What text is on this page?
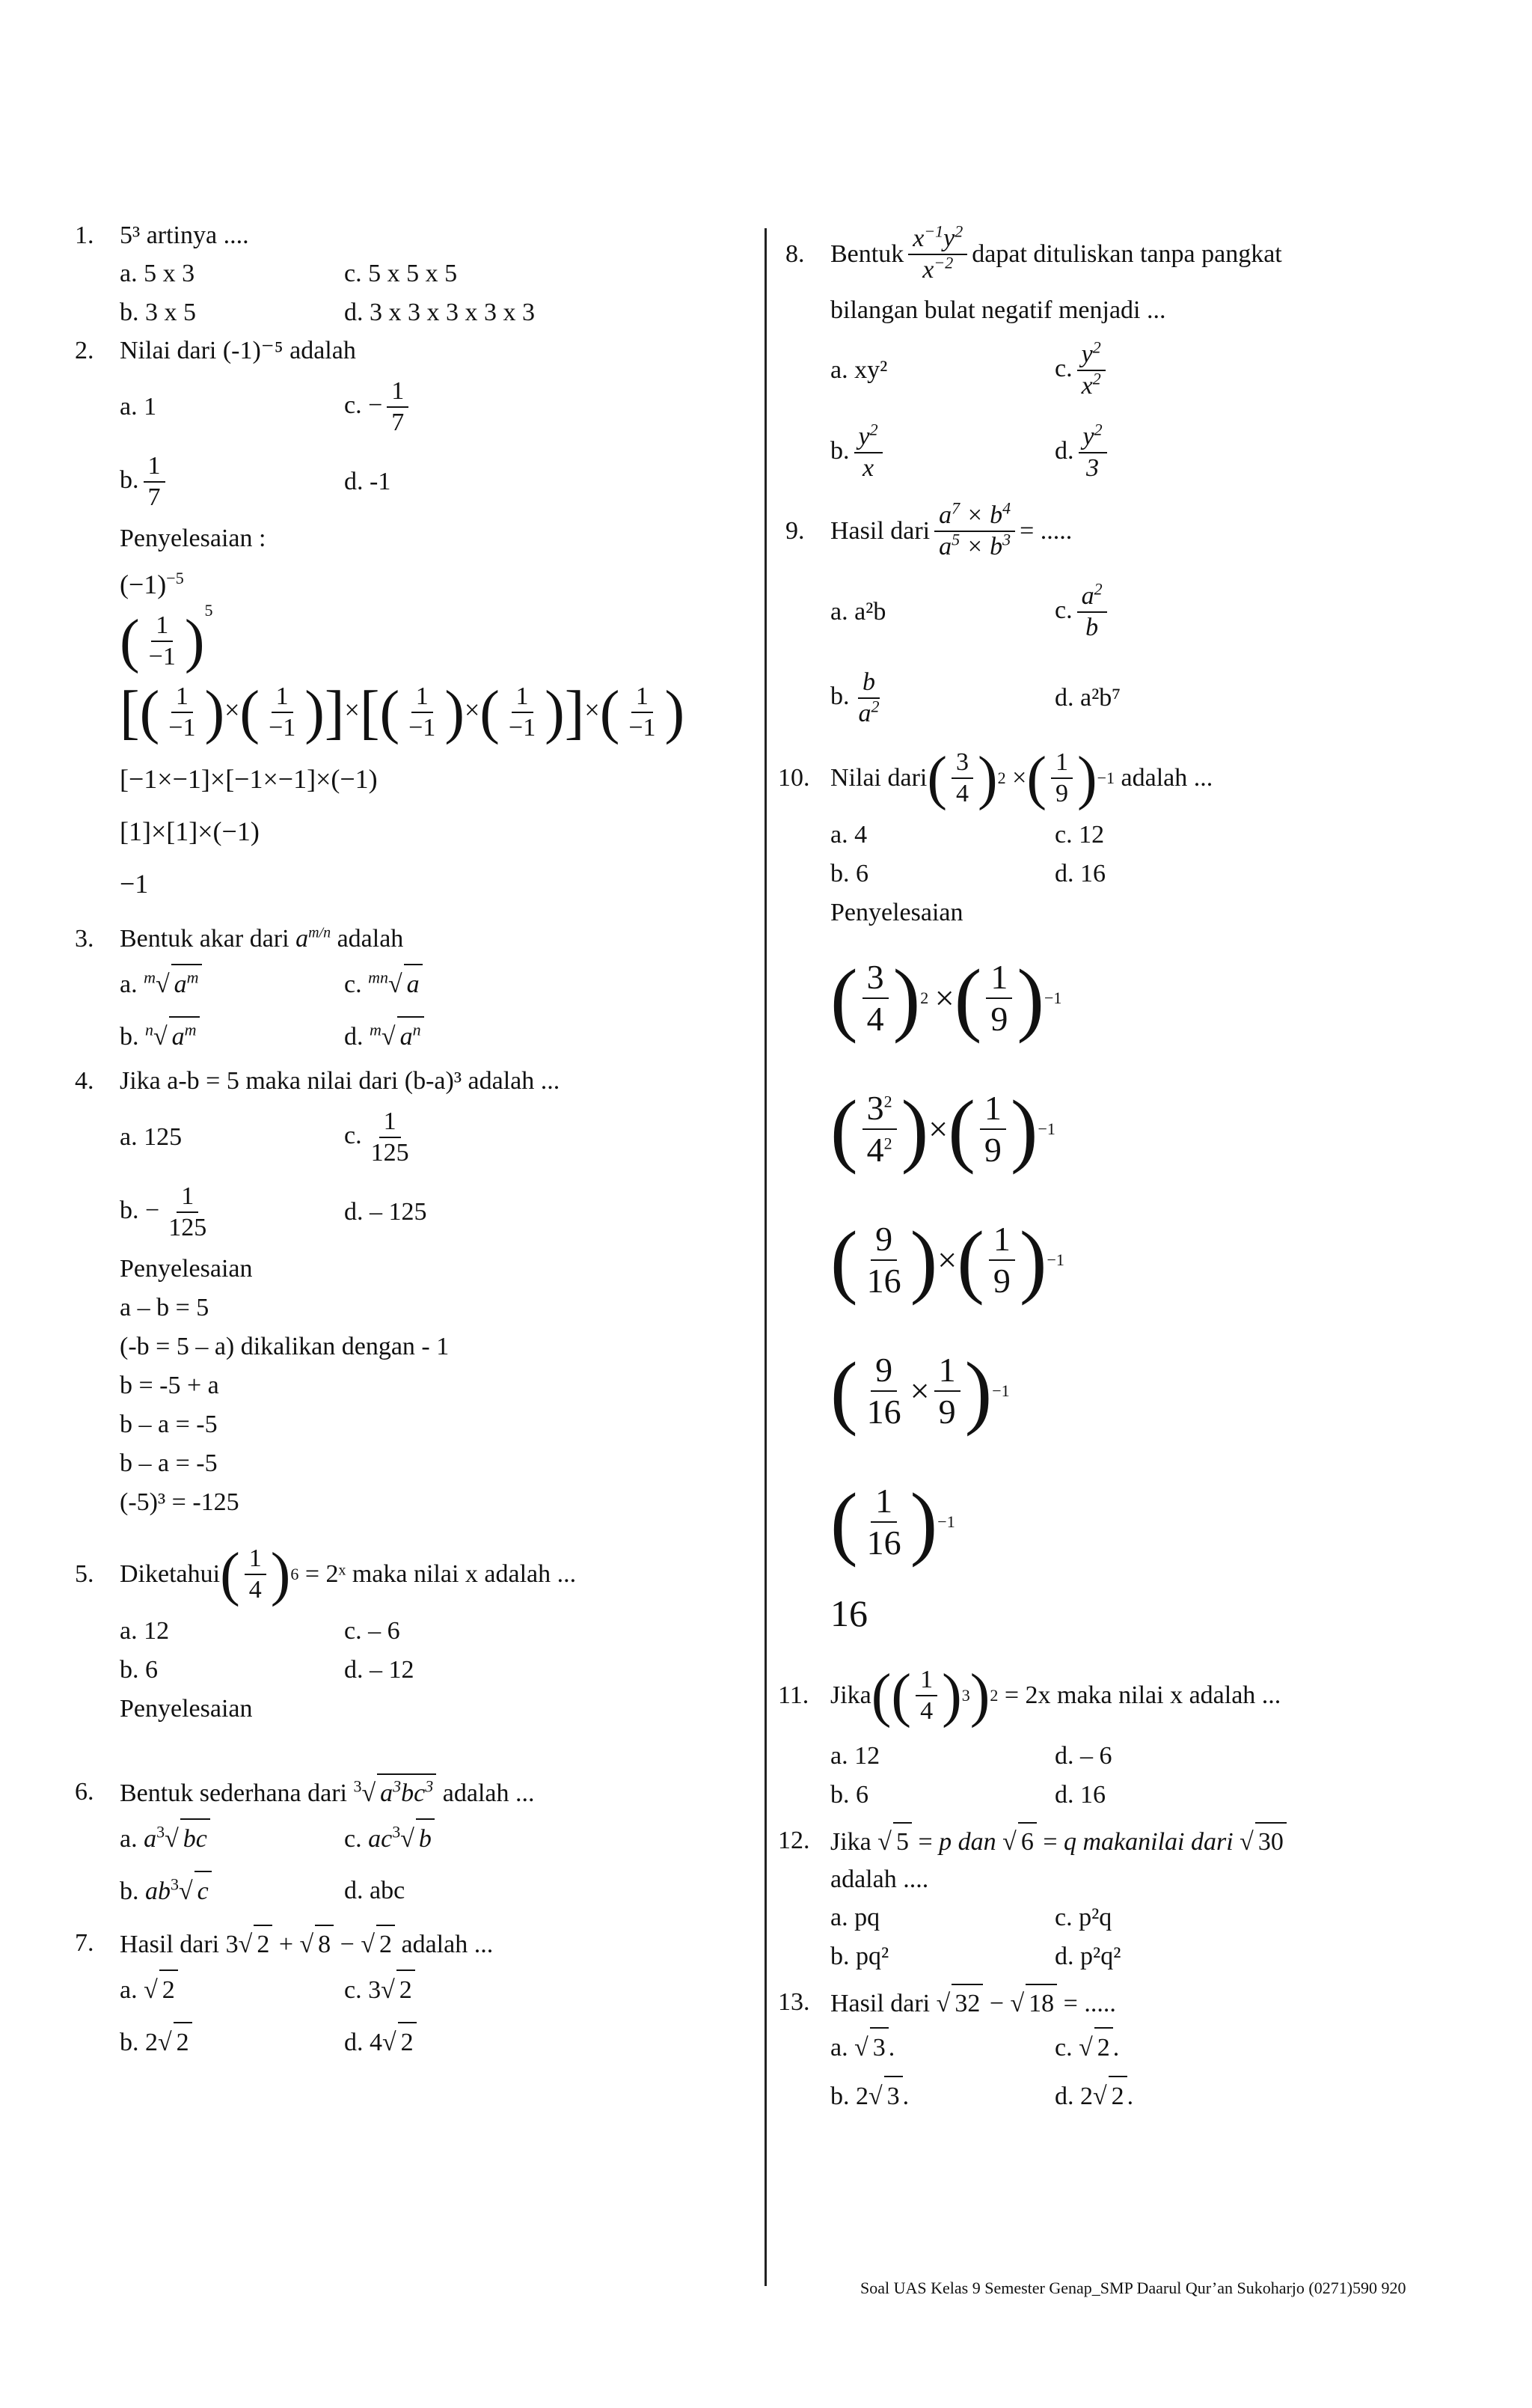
1. 5³ artinya ....
a. 5 x 3	c. 5 x 5 x 5
b. 3 x 5	d. 3 x 3 x 3 x 3 x 3
2. Nilai dari (-1)⁻⁵ adalah
a. 1	c. − $\frac{1}{7}$
b. $\frac{1}{7}$	d. -1
Penyelesaian :
$(-1)^{-5}$
( $\frac{1}{-1} )^5$
[( $\frac{1}{-1}$ )×( $\frac{1}{-1}$ )]×[( $\frac{1}{-1}$ )×( $\frac{1}{-1}$ )]×( $\frac{1}{-1}$ )
[−1×−1]×[−1×−1]×(−1)
[1]×[1]×(−1)
−1
3. Bentuk akar dari $a^{m/n}$ adalah
a. $^m$√ $a^m$	c. $^{mn}$√ a
b. $^n$√ $a^m$	d. $^m$√ $a^n$
4. Jika a-b = 5 maka nilai dari (b-a)³ adalah ...
a. 125	c. $\frac{1}{125}$
b. − $\frac{1}{125}$	d. – 125
Penyelesaian
a – b = 5
(-b = 5 – a) dikalikan dengan - 1
b = -5 + a
b – a = -5
b – a = -5
(-5)³ = -125
5. Diketahui ( $\frac{1}{4}$ ) 6
= 2ˣ maka nilai x adalah ...
a. 12	c. – 6
b. 6	d. – 12
Penyelesaian
6. Bentuk sederhana dari $^3$√ $a^3bc^3$ adalah ...
a. $a^3√$ bc	c. $ac^3√$ b
b. $ab^3√$ c	d. abc
7. Hasil dari 3√ 2 + √ 8 − √ 2 adalah ...
a. √ 2	c. 3√ 2
b. 2√ 2	d. 4√ 2
8. Bentuk $\frac{x^{-1}y^2}{x^{-2}}$ dapat dituliskan tanpa pangkat
bilangan bulat negatif menjadi ...
a. xy²	c. $\frac{y^2}{x^2}$
b. $\frac{y^2}{x}$	d. $\frac{y^2}{3}$
9. Hasil dari $\frac{a^7 \times b^4}{a^5 \times b^3}$ = .....
a. a²b	c. $\frac{a^2}{b}$
b. $\frac{b}{a^2}$	d. a²b⁷
10. Nilai dari ( $\frac{3}{4}$ ) 2 × ( $\frac{1}{9}$ ) −1
adalah ...
a. 4	c. 12
b. 6	d. 16
Penyelesaian
( $\frac{3}{4}$ ) 2
× ( $\frac{1}{9}$ ) −1
( $\frac{3^2}{4^2}$ ) × ( $\frac{1}{9}$ ) −1
( $\frac{9}{16}$ ) × ( $\frac{1}{9}$ ) −1
( $\frac{9}{16} \times \frac{1}{9}$ ) −1
( $\frac{1}{16}$ ) −1
16
11. Jika ( ( $\frac{1}{4}$ ) 3 ) 2
= 2x maka nilai x adalah ...
a. 12	d. – 6
b. 6	d. 16
12. Jika √ 5 = p dan √ 6 = q makanilai dari √ 30
adalah ....
a. pq	c. p²q
b. pq²	d. p²q²
13. Hasil dari √ 32 − √ 18 = .....
a. √ 3 .	c. √ 2 .
b. 2√ 3 .	d. 2√ 2 .
Soal UAS Kelas 9 Semester Genap_SMP Daarul Qur’an Sukoharjo (0271)590 920
